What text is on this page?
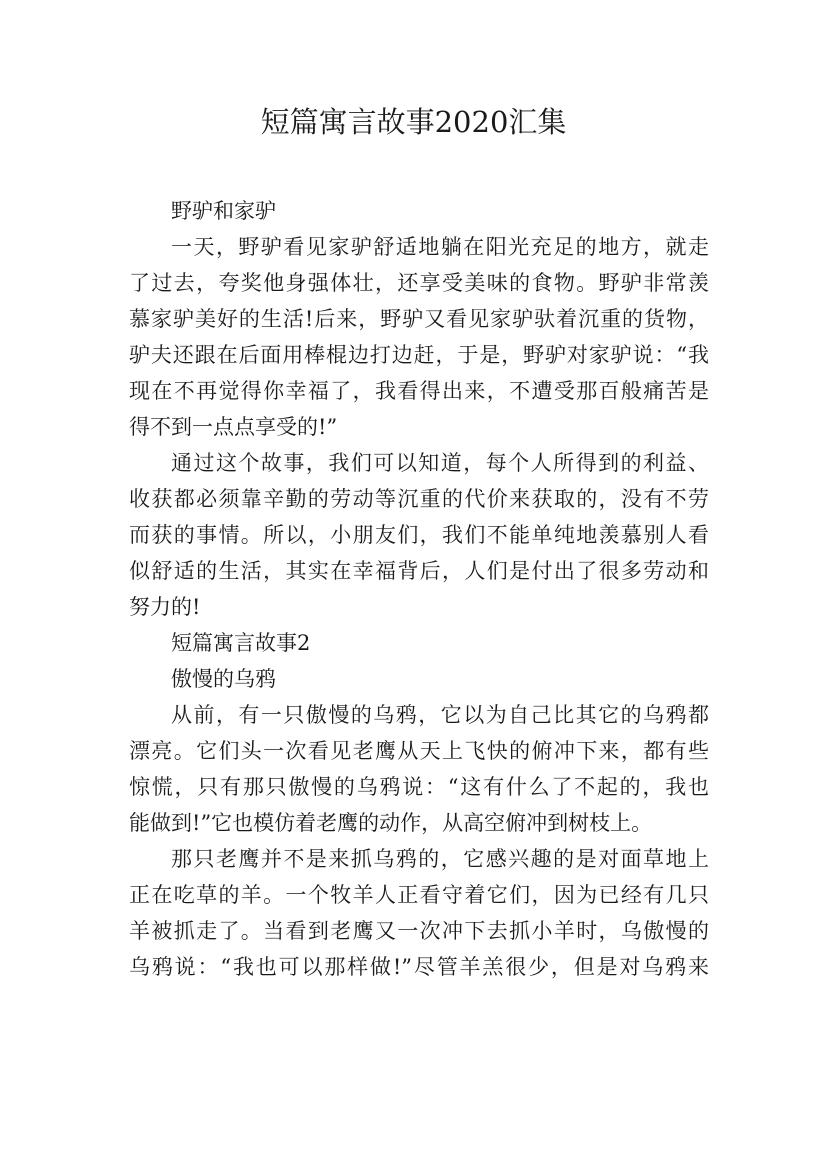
短篇寓言故事2020汇集
野驴和家驴
一天，野驴看见家驴舒适地躺在阳光充足的地方，就走
了过去，夸奖他身强体壮，还享受美味的食物。野驴非常羡
慕家驴美好的生活!后来，野驴又看见家驴驮着沉重的货物，
驴夫还跟在后面用棒棍边打边赶，于是，野驴对家驴说：“我
现在不再觉得你幸福了，我看得出来，不遭受那百般痛苦是
得不到一点点享受的!”
通过这个故事，我们可以知道，每个人所得到的利益、
收获都必须靠辛勤的劳动等沉重的代价来获取的，没有不劳
而获的事情。所以，小朋友们，我们不能单纯地羡慕别人看
似舒适的生活，其实在幸福背后，人们是付出了很多劳动和
努力的!
短篇寓言故事2
傲慢的乌鸦
从前，有一只傲慢的乌鸦，它以为自己比其它的乌鸦都
漂亮。它们头一次看见老鹰从天上飞快的俯冲下来，都有些
惊慌，只有那只傲慢的乌鸦说：“这有什么了不起的，我也
能做到!”它也模仿着老鹰的动作，从高空俯冲到树枝上。
那只老鹰并不是来抓乌鸦的，它感兴趣的是对面草地上
正在吃草的羊。一个牧羊人正看守着它们，因为已经有几只
羊被抓走了。当看到老鹰又一次冲下去抓小羊时，乌傲慢的
乌鸦说：“我也可以那样做!”尽管羊羔很少，但是对乌鸦来
